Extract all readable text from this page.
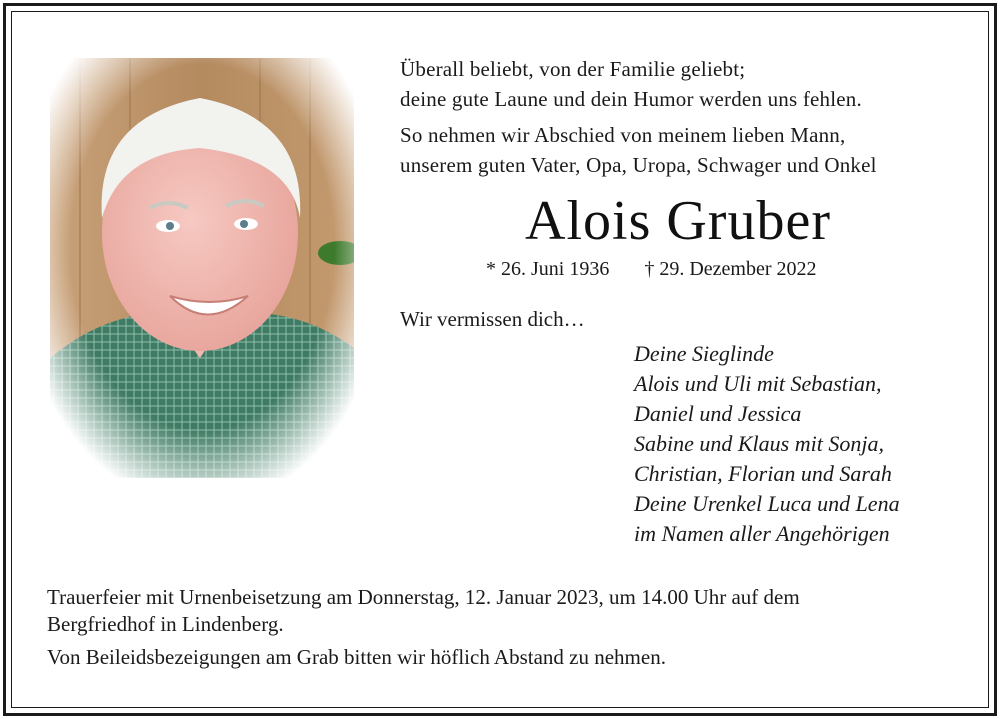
Überall beliebt, von der Familie geliebt;
deine gute Laune und dein Humor werden uns fehlen.

So nehmen wir Abschied von meinem lieben Mann,
unserem guten Vater, Opa, Uropa, Schwager und Onkel

Alois Gruber
* 26. Juni 1936 † 29. Dezember 2022
Wir vermissen dich…
Deine Sieglinde
Alois und Uli mit Sebastian,
Daniel und Jessica
Sabine und Klaus mit Sonja,
Christian, Florian und Sarah
Deine Urenkel Luca und Lena
im Namen aller Angehörigen

Trauerfeier mit Urnenbeisetzung am Donnerstag, 12. Januar 2023, um 14.00 Uhr auf dem
Bergfriedhof in Lindenberg.

Von Beileidsbezeigungen am Grab bitten wir höflich Abstand zu nehmen.
